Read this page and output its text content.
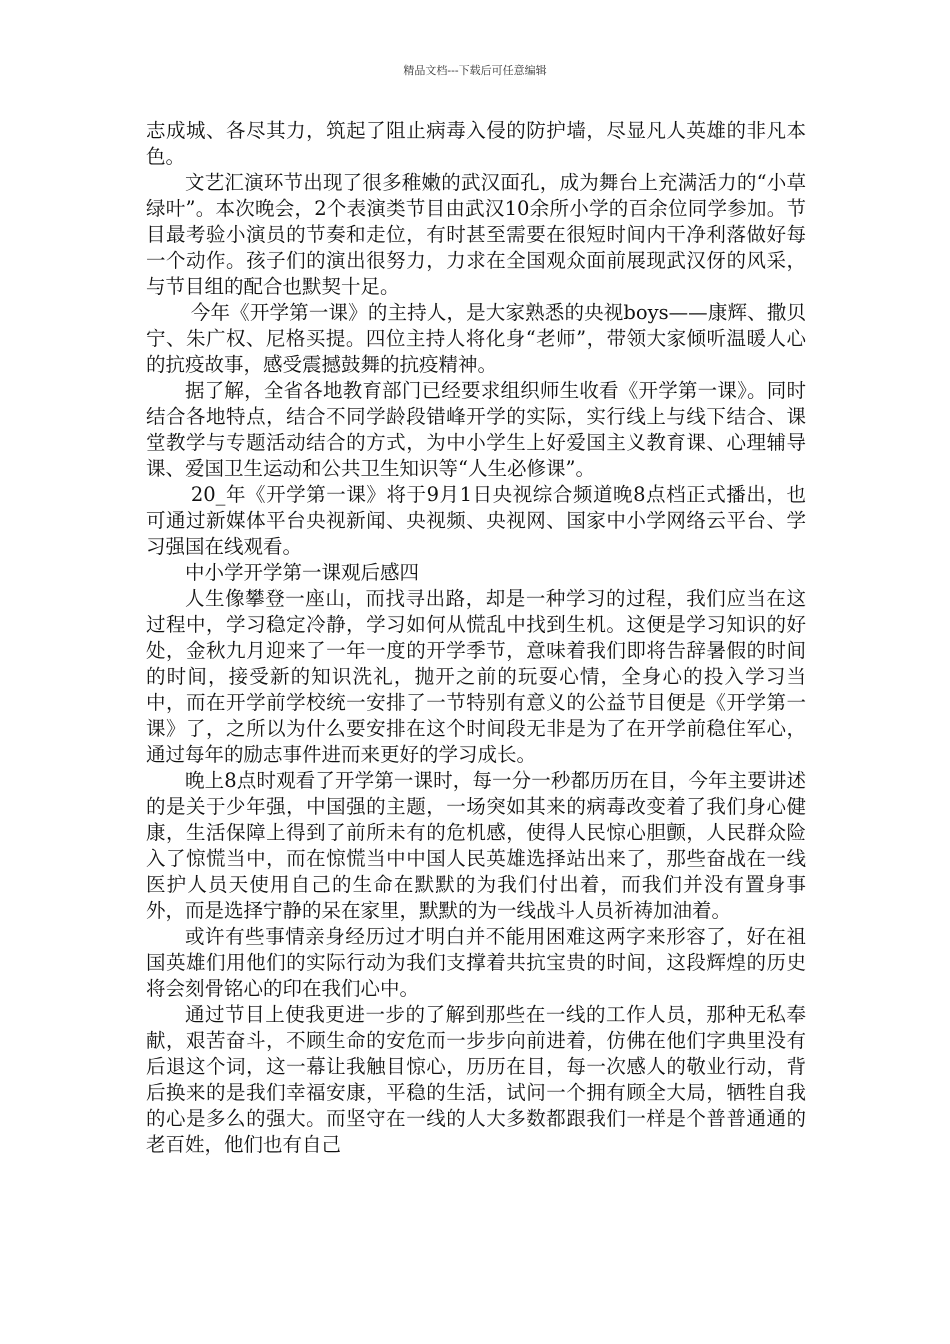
精品文档---下载后可任意编辑

志成城、各尽其力，筑起了阻止病毒入侵的防护墙，尽显凡人英雄的非凡本色。

文艺汇演环节出现了很多稚嫩的武汉面孔，成为舞台上充满活力的“小草绿叶”。本次晚会，2个表演类节目由武汉10余所小学的百余位同学参加。节目最考验小演员的节奏和走位，有时甚至需要在很短时间内干净利落做好每一个动作。孩子们的演出很努力，力求在全国观众面前展现武汉伢的风采，与节目组的配合也默契十足。

今年《开学第一课》的主持人，是大家熟悉的央视boys——康辉、撒贝宁、朱广权、尼格买提。四位主持人将化身“老师”，带领大家倾听温暖人心的抗疫故事，感受震撼鼓舞的抗疫精神。

据了解，全省各地教育部门已经要求组织师生收看《开学第一课》。同时结合各地特点，结合不同学龄段错峰开学的实际，实行线上与线下结合、课堂教学与专题活动结合的方式，为中小学生上好爱国主义教育课、心理辅导课、爱国卫生运动和公共卫生知识等“人生必修课”。

20_年《开学第一课》将于9月1日央视综合频道晚8点档正式播出，也可通过新媒体平台央视新闻、央视频、央视网、国家中小学网络云平台、学习强国在线观看。

中小学开学第一课观后感四

人生像攀登一座山，而找寻出路，却是一种学习的过程，我们应当在这过程中，学习稳定冷静，学习如何从慌乱中找到生机。这便是学习知识的好处，金秋九月迎来了一年一度的开学季节，意味着我们即将告辞暑假的时间的时间，接受新的知识洗礼，抛开之前的玩耍心情，全身心的投入学习当中，而在开学前学校统一安排了一节特别有意义的公益节目便是《开学第一课》了，之所以为什么要安排在这个时间段无非是为了在开学前稳住军心，通过每年的励志事件进而来更好的学习成长。

晚上8点时观看了开学第一课时，每一分一秒都历历在目，今年主要讲述的是关于少年强，中国强的主题，一场突如其来的病毒改变着了我们身心健康，生活保障上得到了前所未有的危机感，使得人民惊心胆颤，人民群众险入了惊慌当中，而在惊慌当中中国人民英雄选择站出来了，那些奋战在一线医护人员天使用自己的生命在默默的为我们付出着，而我们并没有置身事外，而是选择宁静的呆在家里，默默的为一线战斗人员祈祷加油着。

或许有些事情亲身经历过才明白并不能用困难这两字来形容了，好在祖国英雄们用他们的实际行动为我们支撑着共抗宝贵的时间，这段辉煌的历史将会刻骨铭心的印在我们心中。

通过节目上使我更进一步的了解到那些在一线的工作人员，那种无私奉献，艰苦奋斗，不顾生命的安危而一步步向前进着，仿佛在他们字典里没有后退这个词，这一幕让我触目惊心，历历在目，每一次感人的敬业行动，背后换来的是我们幸福安康，平稳的生活，试问一个拥有顾全大局，牺牲自我的心是多么的强大。而坚守在一线的人大多数都跟我们一样是个普普通通的老百姓，他们也有自己
